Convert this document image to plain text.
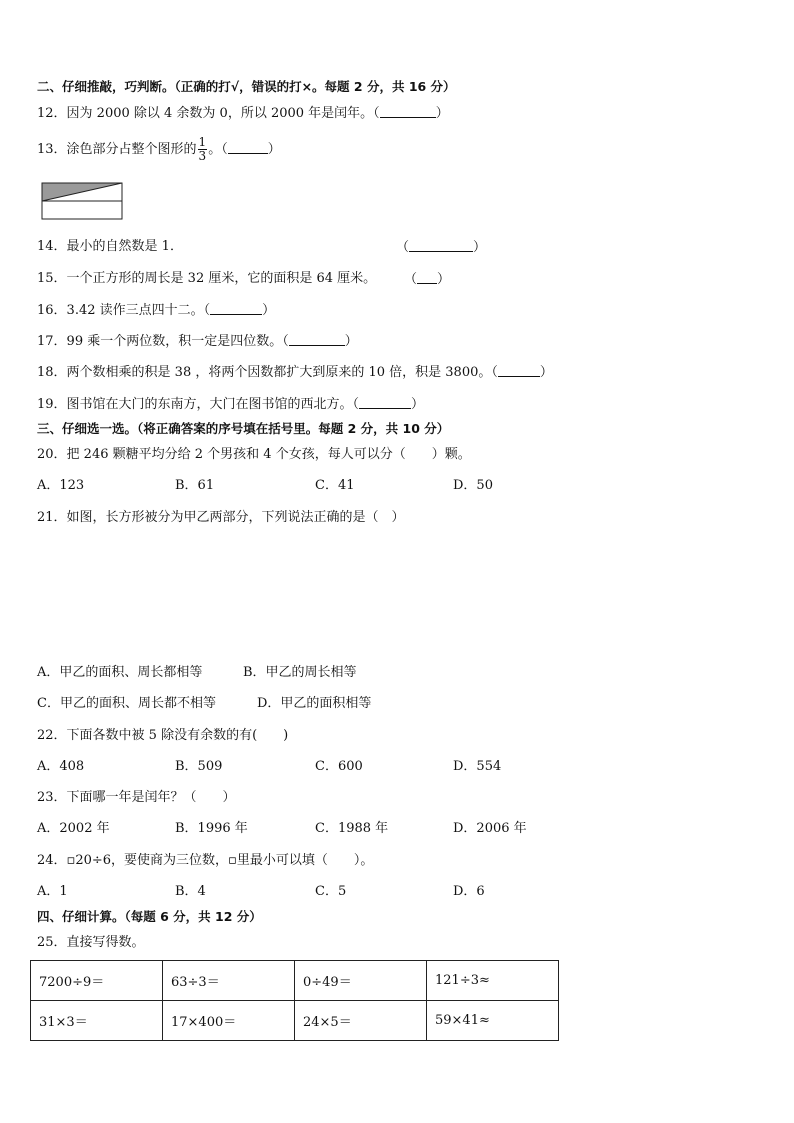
二、仔细推敲，巧判断。（正确的打√，错误的打×。每题 2 分，共 16 分）
12．因为 2000 除以 4 余数为 0，所以 2000 年是闰年。（	）
13．涂色部分占整个图形的 $\frac{1}{3}$ 。（	）
14．最小的自然数是 1．	（	）
15．一个正方形的周长是 32 厘米，它的面积是 64 厘米。 （ ）
16．3.42 读作三点四十二。（	）
17．99 乘一个两位数，积一定是四位数。（	）
18．两个数相乘的积是 38 ，将两个因数都扩大到原来的 10 倍，积是 3800。（	）
19．图书馆在大门的东南方，大门在图书馆的西北方。（	）
三、仔细选一选。（将正确答案的序号填在括号里。每题 2 分，共 10 分）
20．把 246 颗糖平均分给 2 个男孩和 4 个女孩，每人可以分（　　）颗。
A．123	B．61	C．41	D．50
21．如图，长方形被分为甲乙两部分，下列说法正确的是（　）
A．甲乙的面积、周长都相等	B．甲乙的周长相等
C．甲乙的面积、周长都不相等	D．甲乙的面积相等
22．下面各数中被 5 除没有余数的有(　　)
A．408	B．509	C．600	D．554
23．下面哪一年是闰年？（　　）
A．2002 年	B．1996 年	C．1988 年	D．2006 年
24．▫20÷6，要使商为三位数，▫里最小可以填（　　）。
A．1	B．4	C．5	D．6
四、仔细计算。（每题 6 分，共 12 分）
25．直接写得数。
7200÷9＝	63÷3＝	0÷49＝	121÷3≈
31×3＝	17×400＝	24×5＝	59×41≈
